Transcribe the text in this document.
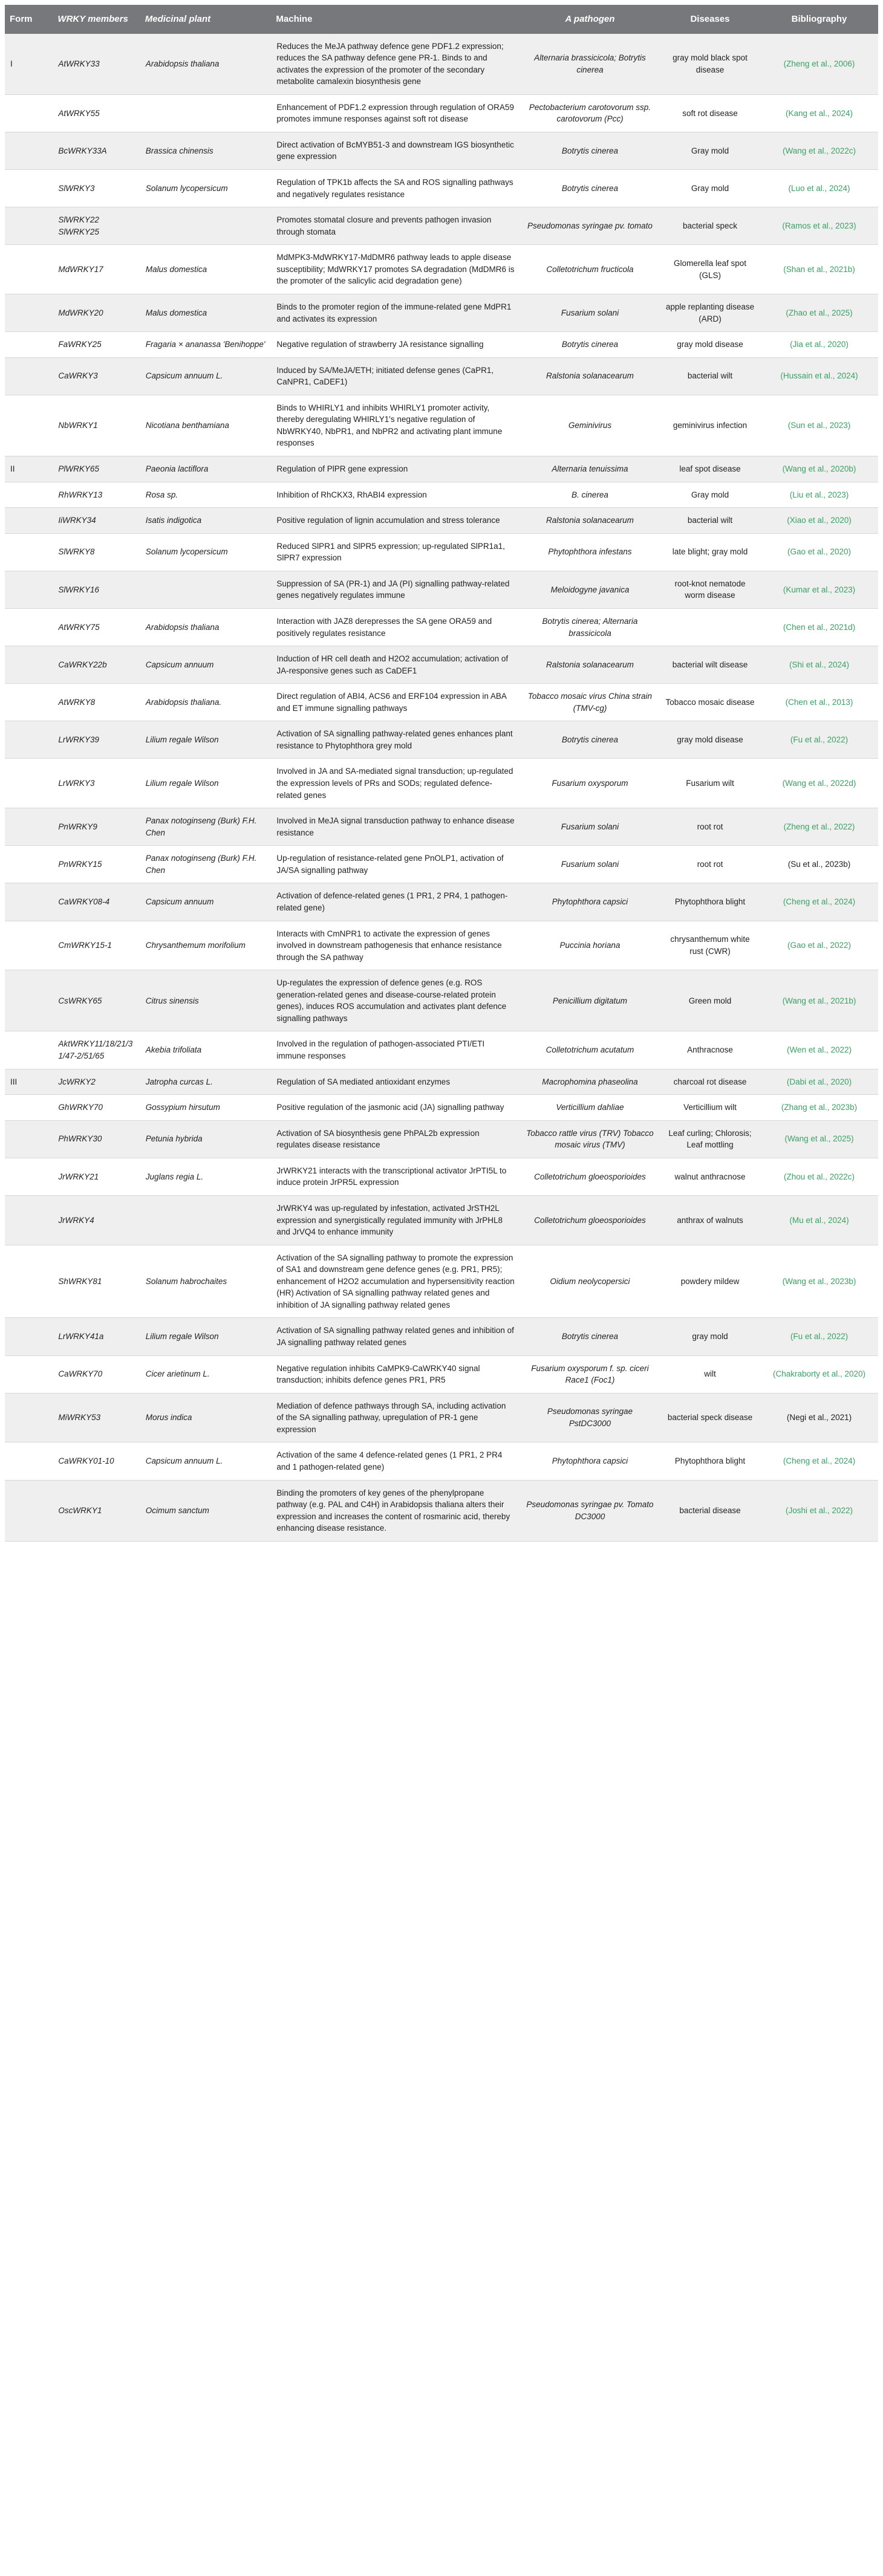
Form	WRKY members	Medicinal plant	Machine	A pathogen	Diseases	Bibliography
I	AtWRKY33	Arabidopsis thaliana	Reduces the MeJA pathway defence gene PDF1.2 expression; reduces the SA pathway defence gene PR-1. Binds to and activates the expression of the promoter of the secondary metabolite camalexin biosynthesis gene	Alternaria brassicicola; Botrytis cinerea	gray mold black spot disease	(Zheng et al., 2006)
	AtWRKY55		Enhancement of PDF1.2 expression through regulation of ORA59 promotes immune responses against soft rot disease	Pectobacterium carotovorum ssp. carotovorum (Pcc)	soft rot disease	(Kang et al., 2024)
	BcWRKY33A	Brassica chinensis	Direct activation of BcMYB51-3 and downstream IGS biosynthetic gene expression	Botrytis cinerea	Gray mold	(Wang et al., 2022c)
	SlWRKY3	Solanum lycopersicum	Regulation of TPK1b affects the SA and ROS signalling pathways and negatively regulates resistance	Botrytis cinerea	Gray mold	(Luo et al., 2024)
	SlWRKY22 SlWRKY25		Promotes stomatal closure and prevents pathogen invasion through stomata	Pseudomonas syringae pv. tomato	bacterial speck	(Ramos et al., 2023)
	MdWRKY17	Malus domestica	MdMPK3-MdWRKY17-MdDMR6 pathway leads to apple disease susceptibility; MdWRKY17 promotes SA degradation (MdDMR6 is the promoter of the salicylic acid degradation gene)	Colletotrichum fructicola	Glomerella leaf spot (GLS)	(Shan et al., 2021b)
	MdWRKY20	Malus domestica	Binds to the promoter region of the immune-related gene MdPR1 and activates its expression	Fusarium solani	apple replanting disease (ARD)	(Zhao et al., 2025)
	FaWRKY25	Fragaria × ananassa 'Benihoppe'	Negative regulation of strawberry JA resistance signalling	Botrytis cinerea	gray mold disease	(Jia et al., 2020)
	CaWRKY3	Capsicum annuum L.	Induced by SA/MeJA/ETH; initiated defense genes (CaPR1, CaNPR1, CaDEF1)	Ralstonia solanacearum	bacterial wilt	(Hussain et al., 2024)
	NbWRKY1	Nicotiana benthamiana	Binds to WHIRLY1 and inhibits WHIRLY1 promoter activity, thereby deregulating WHIRLY1's negative regulation of NbWRKY40, NbPR1, and NbPR2 and activating plant immune responses	Geminivirus	geminivirus infection	(Sun et al., 2023)
II	PlWRKY65	Paeonia lactiflora	Regulation of PlPR gene expression	Alternaria tenuissima	leaf spot disease	(Wang et al., 2020b)
	RhWRKY13	Rosa sp.	Inhibition of RhCKX3, RhABI4 expression	B. cinerea	Gray mold	(Liu et al., 2023)
	IiWRKY34	Isatis indigotica	Positive regulation of lignin accumulation and stress tolerance	Ralstonia solanacearum	bacterial wilt	(Xiao et al., 2020)
	SlWRKY8	Solanum lycopersicum	Reduced SlPR1 and SlPR5 expression; up-regulated SlPR1a1, SlPR7 expression	Phytophthora infestans	late blight; gray mold	(Gao et al., 2020)
	SlWRKY16		Suppression of SA (PR-1) and JA (PI) signalling pathway-related genes negatively regulates immune	Meloidogyne javanica	root-knot nematode worm disease	(Kumar et al., 2023)
	AtWRKY75	Arabidopsis thaliana	Interaction with JAZ8 derepresses the SA gene ORA59 and positively regulates resistance	Botrytis cinerea; Alternaria brassicicola		(Chen et al., 2021d)
	CaWRKY22b	Capsicum annuum	Induction of HR cell death and H2O2 accumulation; activation of JA-responsive genes such as CaDEF1	Ralstonia solanacearum	bacterial wilt disease	(Shi et al., 2024)
	AtWRKY8	Arabidopsis thaliana.	Direct regulation of ABI4, ACS6 and ERF104 expression in ABA and ET immune signalling pathways	Tobacco mosaic virus China strain (TMV-cg)	Tobacco mosaic disease	(Chen et al., 2013)
	LrWRKY39	Lilium regale Wilson	Activation of SA signalling pathway-related genes enhances plant resistance to Phytophthora grey mold	Botrytis cinerea	gray mold disease	(Fu et al., 2022)
	LrWRKY3	Lilium regale Wilson	Involved in JA and SA-mediated signal transduction; up-regulated the expression levels of PRs and SODs; regulated defence-related genes	Fusarium oxysporum	Fusarium wilt	(Wang et al., 2022d)
	PnWRKY9	Panax notoginseng (Burk) F.H. Chen	Involved in MeJA signal transduction pathway to enhance disease resistance	Fusarium solani	root rot	(Zheng et al., 2022)
	PnWRKY15	Panax notoginseng (Burk) F.H. Chen	Up-regulation of resistance-related gene PnOLP1, activation of JA/SA signalling pathway	Fusarium solani	root rot	(Su et al., 2023b)
	CaWRKY08-4	Capsicum annuum	Activation of defence-related genes (1 PR1, 2 PR4, 1 pathogen-related gene)	Phytophthora capsici	Phytophthora blight	(Cheng et al., 2024)
	CmWRKY15-1	Chrysanthemum morifolium	Interacts with CmNPR1 to activate the expression of genes involved in downstream pathogenesis that enhance resistance through the SA pathway	Puccinia horiana	chrysanthemum white rust (CWR)	(Gao et al., 2022)
	CsWRKY65	Citrus sinensis	Up-regulates the expression of defence genes (e.g. ROS generation-related genes and disease-course-related protein genes), induces ROS accumulation and activates plant defence signalling pathways	Penicillium digitatum	Green mold	(Wang et al., 2021b)
	AktWRKY11/18/21/31/47-2/51/65	Akebia trifoliata	Involved in the regulation of pathogen-associated PTI/ETI immune responses	Colletotrichum acutatum	Anthracnose	(Wen et al., 2022)
III	JcWRKY2	Jatropha curcas L.	Regulation of SA mediated antioxidant enzymes	Macrophomina phaseolina	charcoal rot disease	(Dabi et al., 2020)
	GhWRKY70	Gossypium hirsutum	Positive regulation of the jasmonic acid (JA) signalling pathway	Verticillium dahliae	Verticillium wilt	(Zhang et al., 2023b)
	PhWRKY30	Petunia hybrida	Activation of SA biosynthesis gene PhPAL2b expression regulates disease resistance	Tobacco rattle virus (TRV) Tobacco mosaic virus (TMV)	Leaf curling; Chlorosis; Leaf mottling	(Wang et al., 2025)
	JrWRKY21	Juglans regia L.	JrWRKY21 interacts with the transcriptional activator JrPTI5L to induce protein JrPR5L expression	Colletotrichum gloeosporioides	walnut anthracnose	(Zhou et al., 2022c)
	JrWRKY4		JrWRKY4 was up-regulated by infestation, activated JrSTH2L expression and synergistically regulated immunity with JrPHL8 and JrVQ4 to enhance immunity	Colletotrichum gloeosporioides	anthrax of walnuts	(Mu et al., 2024)
	ShWRKY81	Solanum habrochaites	Activation of the SA signalling pathway to promote the expression of SA1 and downstream gene defence genes (e.g. PR1, PR5); enhancement of H2O2 accumulation and hypersensitivity reaction (HR) Activation of SA signalling pathway related genes and inhibition of JA signalling pathway related genes	Oidium neolycopersici	powdery mildew	(Wang et al., 2023b)
	LrWRKY41a	Lilium regale Wilson	Activation of SA signalling pathway related genes and inhibition of JA signalling pathway related genes	Botrytis cinerea	gray mold	(Fu et al., 2022)
	CaWRKY70	Cicer arietinum L.	Negative regulation inhibits CaMPK9-CaWRKY40 signal transduction; inhibits defence genes PR1, PR5	Fusarium oxysporum f. sp. ciceri Race1 (Foc1)	wilt	(Chakraborty et al., 2020)
	MiWRKY53	Morus indica	Mediation of defence pathways through SA, including activation of the SA signalling pathway, upregulation of PR-1 gene expression	Pseudomonas syringae PstDC3000	bacterial speck disease	(Negi et al., 2021)
	CaWRKY01-10	Capsicum annuum L.	Activation of the same 4 defence-related genes (1 PR1, 2 PR4 and 1 pathogen-related gene)	Phytophthora capsici	Phytophthora blight	(Cheng et al., 2024)
	OscWRKY1	Ocimum sanctum	Binding the promoters of key genes of the phenylpropane pathway (e.g. PAL and C4H) in Arabidopsis thaliana alters their expression and increases the content of rosmarinic acid, thereby enhancing disease resistance.	Pseudomonas syringae pv. Tomato DC3000	bacterial disease	(Joshi et al., 2022)
